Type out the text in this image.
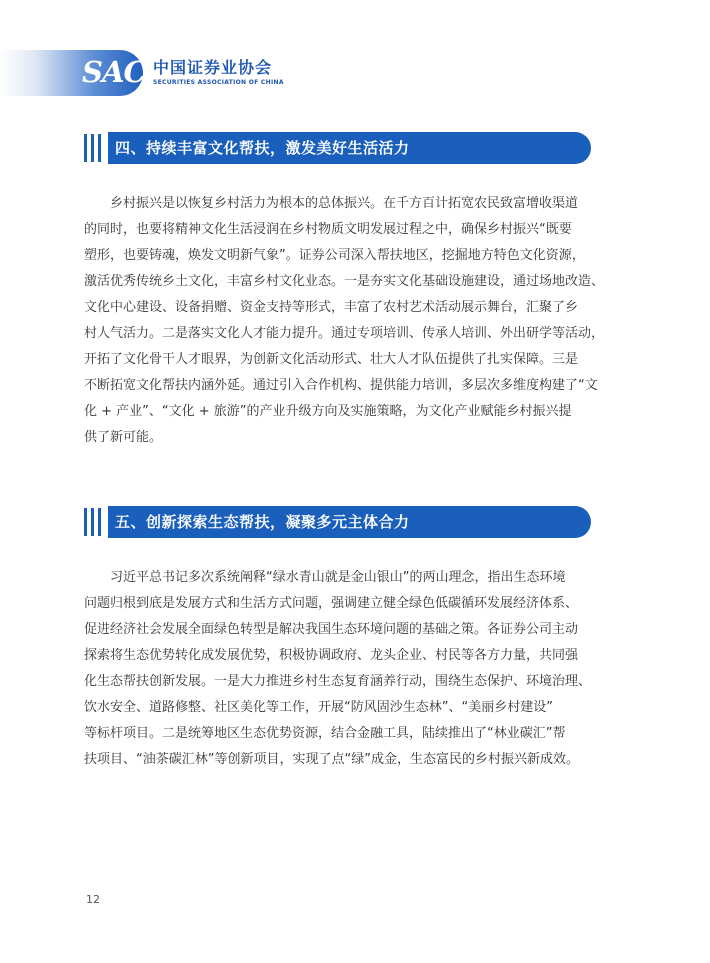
SAC 中国证券业协会
SECURITIES ASSOCIATION OF CHINA
四、持续丰富文化帮扶，激发美好生活活力
乡村振兴是以恢复乡村活力为根本的总体振兴。在千方百计拓宽农民致富增收渠道
的同时，也要将精神文化生活浸润在乡村物质文明发展过程之中，确保乡村振兴“既要
塑形，也要铸魂，焕发文明新气象”。证券公司深入帮扶地区，挖掘地方特色文化资源，
激活优秀传统乡土文化，丰富乡村文化业态。一是夯实文化基础设施建设，通过场地改造、
文化中心建设、设备捐赠、资金支持等形式，丰富了农村艺术活动展示舞台，汇聚了乡
村人气活力。二是落实文化人才能力提升。通过专项培训、传承人培训、外出研学等活动，
开拓了文化骨干人才眼界，为创新文化活动形式、壮大人才队伍提供了扎实保障。三是
不断拓宽文化帮扶内涵外延。通过引入合作机构、提供能力培训，多层次多维度构建了“文
化 + 产业”、“文化 + 旅游”的产业升级方向及实施策略，为文化产业赋能乡村振兴提
供了新可能。
五、创新探索生态帮扶，凝聚多元主体合力
习近平总书记多次系统阐释“绿水青山就是金山银山”的两山理念，指出生态环境
问题归根到底是发展方式和生活方式问题，强调建立健全绿色低碳循环发展经济体系、
促进经济社会发展全面绿色转型是解决我国生态环境问题的基础之策。各证券公司主动
探索将生态优势转化成发展优势，积极协调政府、龙头企业、村民等各方力量，共同强
化生态帮扶创新发展。一是大力推进乡村生态复育涵养行动，围绕生态保护、环境治理、
饮水安全、道路修整、社区美化等工作，开展“防风固沙生态林”、“美丽乡村建设”
等标杆项目。二是统筹地区生态优势资源，结合金融工具，陆续推出了“林业碳汇”帮
扶项目、“油茶碳汇林”等创新项目，实现了点“绿”成金，生态富民的乡村振兴新成效。
12
